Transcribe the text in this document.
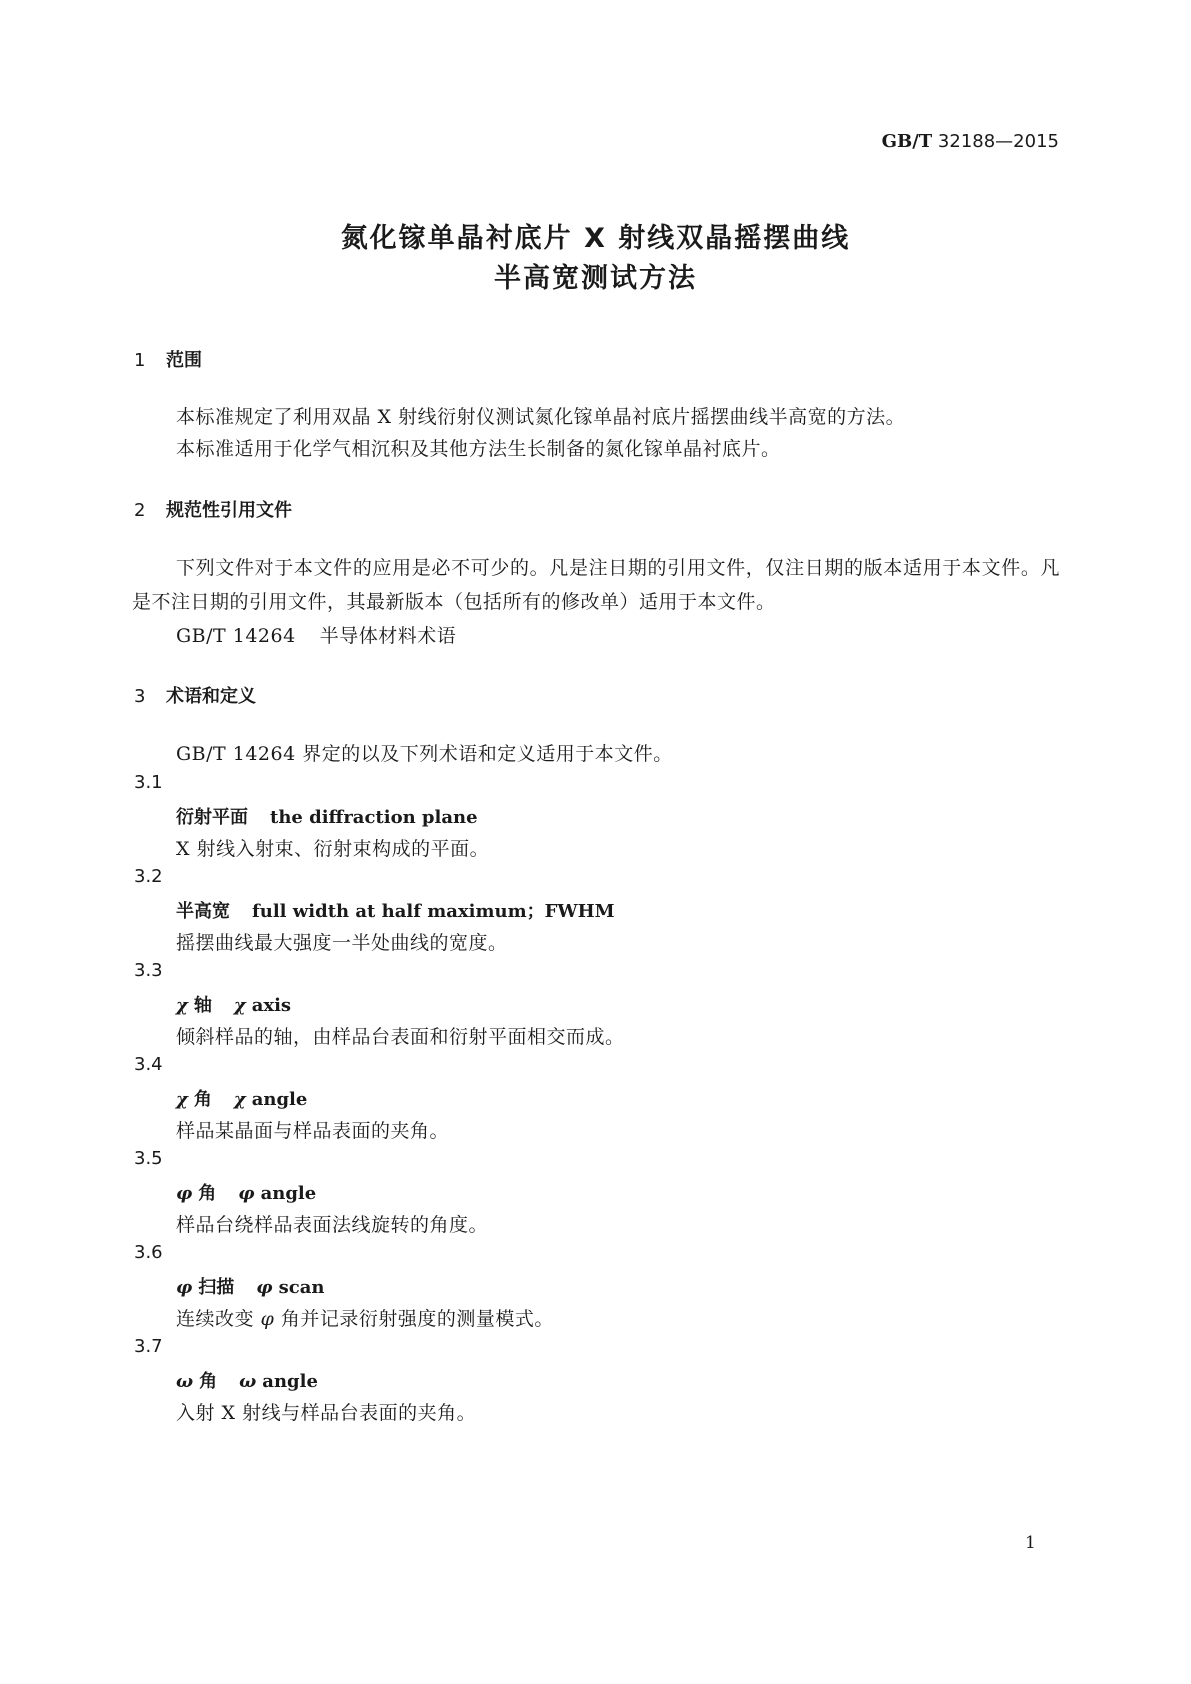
GB/T 32188—2015
氮化镓单晶衬底片 X 射线双晶摇摆曲线
半高宽测试方法
1 范围
本标准规定了利用双晶 X 射线衍射仪测试氮化镓单晶衬底片摇摆曲线半高宽的方法。
本标准适用于化学气相沉积及其他方法生长制备的氮化镓单晶衬底片。
2 规范性引用文件
下列文件对于本文件的应用是必不可少的。凡是注日期的引用文件，仅注日期的版本适用于本文件。凡是不注日期的引用文件，其最新版本（包括所有的修改单）适用于本文件。
GB/T 14264 半导体材料术语
3 术语和定义
GB/T 14264 界定的以及下列术语和定义适用于本文件。
3.1
衍射平面 the diffraction plane
X 射线入射束、衍射束构成的平面。
3.2
半高宽 full width at half maximum；FWHM
摇摆曲线最大强度一半处曲线的宽度。
3.3
χ 轴 χ axis
倾斜样品的轴，由样品台表面和衍射平面相交而成。
3.4
χ 角 χ angle
样品某晶面与样品表面的夹角。
3.5
φ 角 φ angle
样品台绕样品表面法线旋转的角度。
3.6
φ 扫描 φ scan
连续改变 φ 角并记录衍射强度的测量模式。
3.7
ω 角 ω angle
入射 X 射线与样品台表面的夹角。
1
